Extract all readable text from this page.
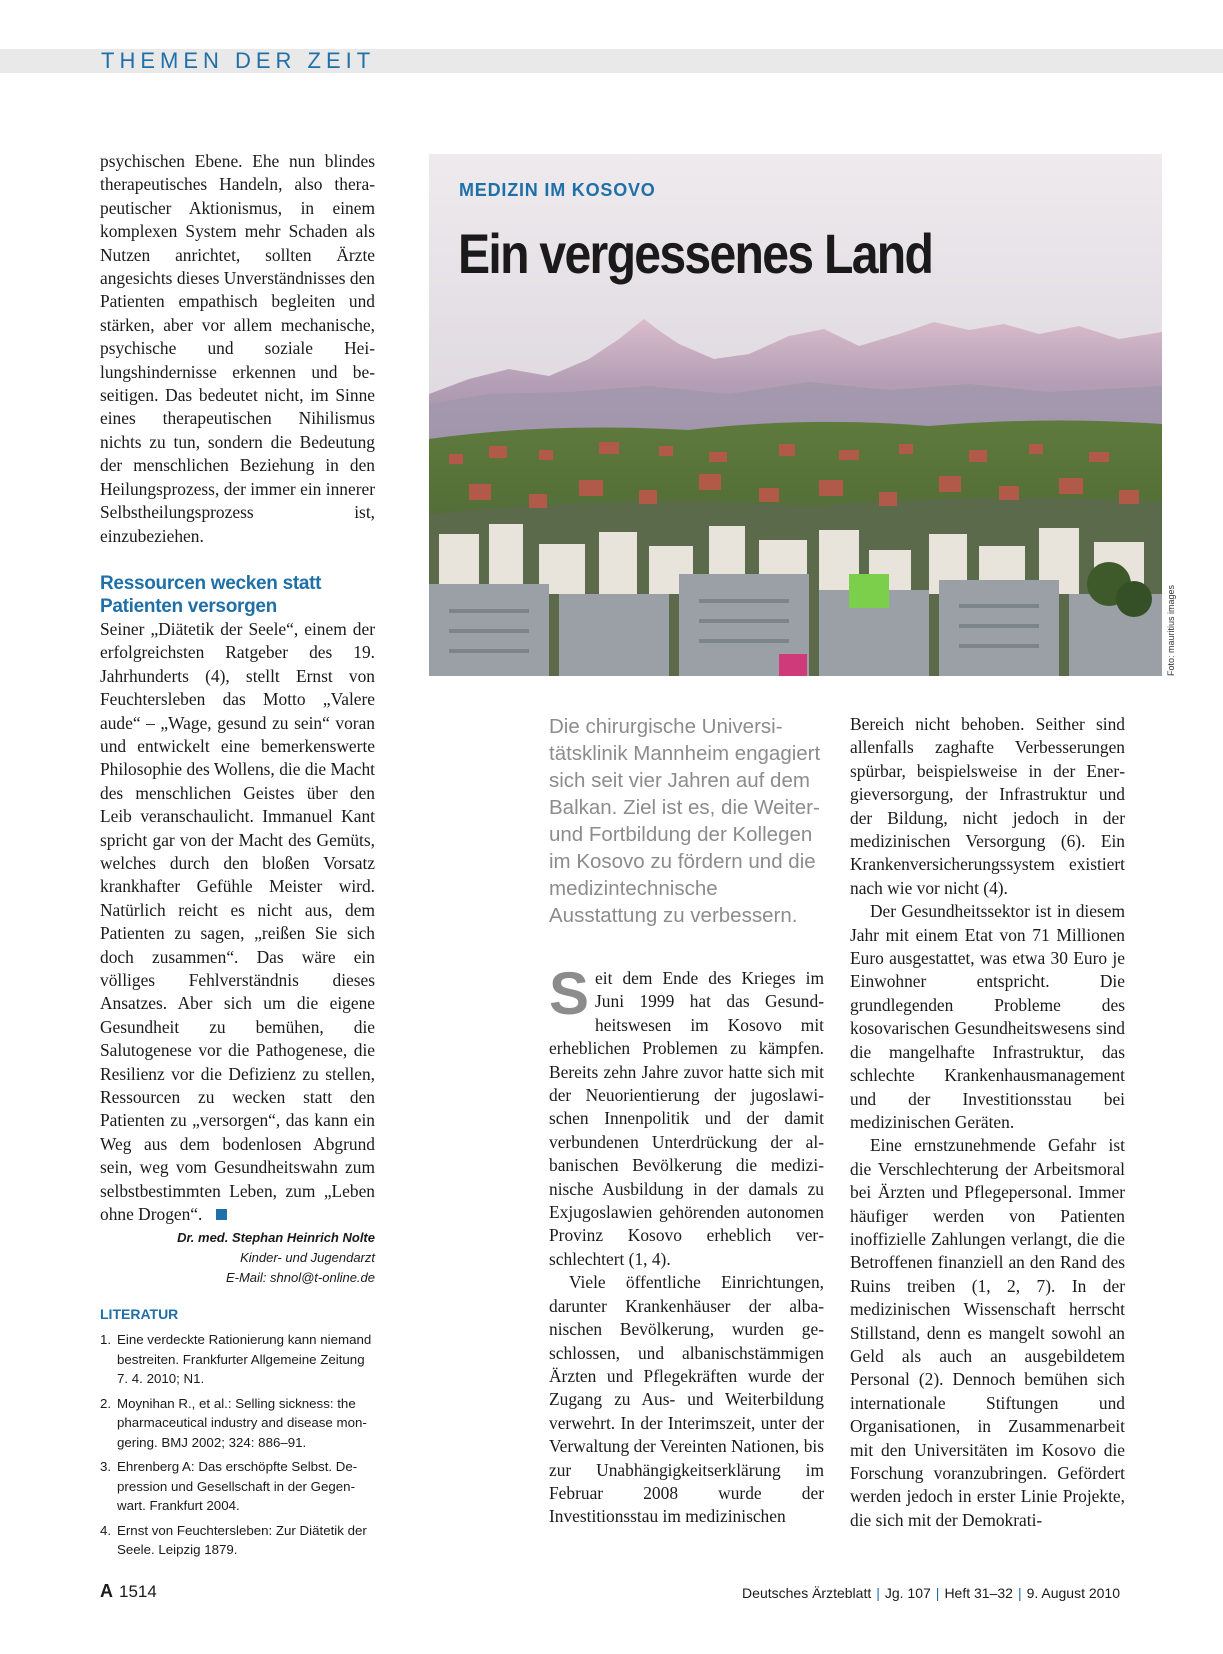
THEMEN DER ZEIT

psychischen Ebene. Ehe nun blindes therapeutisches Handeln, also therapeutischer Aktionismus, in einem komplexen System mehr Schaden als Nutzen anrichtet, sollten Ärzte angesichts dieses Unverständnisses den Patienten empathisch begleiten und stärken, aber vor allem mechanische, psychische und soziale Heilungshindernisse erkennen und beseitigen. Das bedeutet nicht, im Sinne eines therapeutischen Nihilismus nichts zu tun, sondern die Bedeutung der menschlichen Beziehung in den Heilungsprozess, der immer ein innerer Selbstheilungsprozess ist, einzubeziehen.

Ressourcen wecken statt Patienten versorgen

Seiner „Diätetik der Seele“, einem der erfolgreichsten Ratgeber des 19. Jahrhunderts (4), stellt Ernst von Feuchtersleben das Motto „Valere aude“ – „Wage, gesund zu sein“ voran und entwickelt eine bemerkenswerte Philosophie des Wollens, die die Macht des menschlichen Geistes über den Leib veranschaulicht. Immanuel Kant spricht gar von der Macht des Gemüts, welches durch den bloßen Vorsatz krankhafter Gefühle Meister wird. Natürlich reicht es nicht aus, dem Patienten zu sagen, „reißen Sie sich doch zusammen“. Das wäre ein völliges Fehlverständnis dieses Ansatzes. Aber sich um die eigene Gesundheit zu bemühen, die Salutogenese vor die Pathogenese, die Resilienz vor die Defizienz zu stellen, Ressourcen zu wecken statt den Patienten zu „versorgen“, das kann ein Weg aus dem bodenlosen Abgrund sein, weg vom Gesundheitswahn zum selbstbestimmten Leben, zum „Leben ohne Drogen“.

Dr. med. Stephan Heinrich Nolte
Kinder- und Jugendarzt
E-Mail: shnol@t-online.de
LITERATUR
1. Eine verdeckte Rationierung kann niemand bestreiten. Frankfurter Allgemeine Zeitung 7. 4. 2010; N1.
2. Moynihan R., et al.: Selling sickness: the pharmaceutical industry and disease mongering. BMJ 2002; 324: 886–91.
3. Ehrenberg A: Das erschöpfte Selbst. Depression und Gesellschaft in der Gegenwart. Frankfurt 2004.
4. Ernst von Feuchtersleben: Zur Diätetik der Seele. Leipzig 1879.
MEDIZIN IM KOSOVO
Ein vergessenes Land
Foto: mauritius images

Die chirurgische Universitätsklinik Mannheim engagiert sich seit vier Jahren auf dem Balkan. Ziel ist es, die Weiter- und Fortbildung der Kollegen im Kosovo zu fördern und die medizintechnische Ausstattung zu verbessern.

Seit dem Ende des Krieges im Juni 1999 hat das Gesundheitswesen im Kosovo mit erheblichen Problemen zu kämpfen. Bereits zehn Jahre zuvor hatte sich mit der Neuorientierung der jugoslawischen Innenpolitik und der damit verbundenen Unterdrückung der albanischen Bevölkerung die medizinische Ausbildung in der damals zu Exjugoslawien gehörenden autonomen Provinz Kosovo erheblich verschlechtert (1, 4).

Viele öffentliche Einrichtungen, darunter Krankenhäuser der albanischen Bevölkerung, wurden geschlossen, und albanischstämmigen Ärzten und Pflegekräften wurde der Zugang zu Aus- und Weiterbildung verwehrt. In der Interimszeit, unter der Verwaltung der Vereinten Nationen, bis zur Unabhängigkeitserklärung im Februar 2008 wurde der Investitionsstau im medizinischen

Bereich nicht behoben. Seither sind allenfalls zaghafte Verbesserungen spürbar, beispielsweise in der Energieversorgung, der Infrastruktur und der Bildung, nicht jedoch in der medizinischen Versorgung (6). Ein Krankenversicherungssystem existiert nach wie vor nicht (4).

Der Gesundheitssektor ist in diesem Jahr mit einem Etat von 71 Millionen Euro ausgestattet, was etwa 30 Euro je Einwohner entspricht. Die grundlegenden Probleme des kosovarischen Gesundheitswesens sind die mangelhafte Infrastruktur, das schlechte Krankenhausmanagement und der Investitionsstau bei medizinischen Geräten.

Eine ernstzunehmende Gefahr ist die Verschlechterung der Arbeitsmoral bei Ärzten und Pflegepersonal. Immer häufiger werden von Patienten inoffizielle Zahlungen verlangt, die die Betroffenen finanziell an den Rand des Ruins treiben (1, 2, 7). In der medizinischen Wissenschaft herrscht Stillstand, denn es mangelt sowohl an Geld als auch an ausgebildetem Personal (2). Dennoch bemühen sich internationale Stiftungen und Organisationen, in Zusammenarbeit mit den Universitäten im Kosovo die Forschung voranzubringen. Gefördert werden jedoch in erster Linie Projekte, die sich mit der Demokrati-

A 1514	Deutsches Ärzteblatt | Jg. 107 | Heft 31–32 | 9. August 2010
